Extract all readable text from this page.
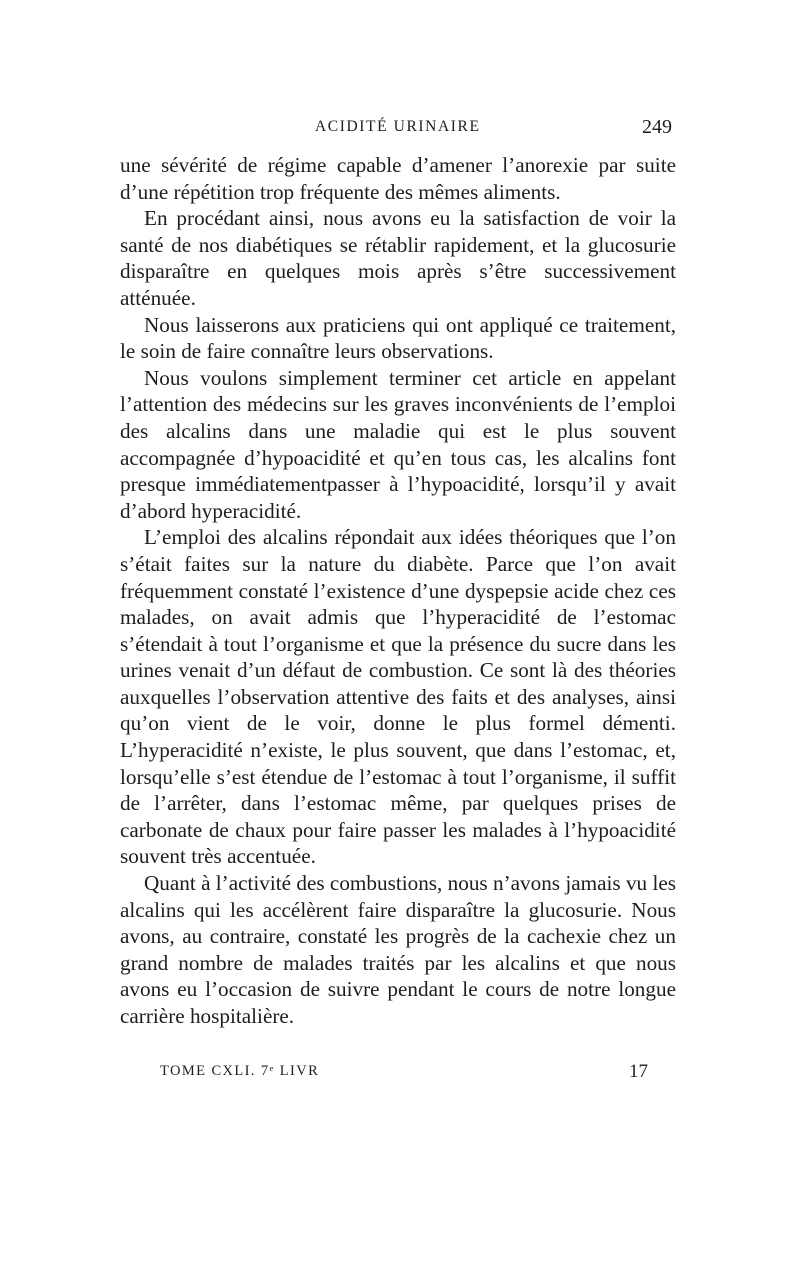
ACIDITÉ URINAIRE	249

une sévérité de régime capable d’amener l’anorexie par suite d’une répétition trop fréquente des mêmes aliments.

En procédant ainsi, nous avons eu la satisfaction de voir la santé de nos diabétiques se rétablir rapidement, et la glucosurie disparaître en quelques mois après s’être successivement atténuée.

Nous laisserons aux praticiens qui ont appliqué ce traitement, le soin de faire connaître leurs observations.

Nous voulons simplement terminer cet article en appelant l’attention des médecins sur les graves inconvénients de l’emploi des alcalins dans une maladie qui est le plus souvent accompagnée d’hypoacidité et qu’en tous cas, les alcalins font presque immédiatementpasser à l’hypoacidité, lorsqu’il y avait d’abord hyperacidité.

L’emploi des alcalins répondait aux idées théoriques que l’on s’était faites sur la nature du diabète. Parce que l’on avait fréquemment constaté l’existence d’une dyspepsie acide chez ces malades, on avait admis que l’hyperacidité de l’estomac s’étendait à tout l’organisme et que la présence du sucre dans les urines venait d’un défaut de combustion. Ce sont là des théories auxquelles l’observation attentive des faits et des analyses, ainsi qu’on vient de le voir, donne le plus formel démenti. L’hyperacidité n’existe, le plus souvent, que dans l’estomac, et, lorsqu’elle s’est étendue de l’estomac à tout l’organisme, il suffit de l’arrêter, dans l’estomac même, par quelques prises de carbonate de chaux pour faire passer les malades à l’hypoacidité souvent très accentuée.

Quant à l’activité des combustions, nous n’avons jamais vu les alcalins qui les accélèrent faire disparaître la glucosurie. Nous avons, au contraire, constaté les progrès de la cachexie chez un grand nombre de malades traités par les alcalins et que nous avons eu l’occasion de suivre pendant le cours de notre longue carrière hospitalière.

TOME CXLI. 7ᵉ LIVR	17
